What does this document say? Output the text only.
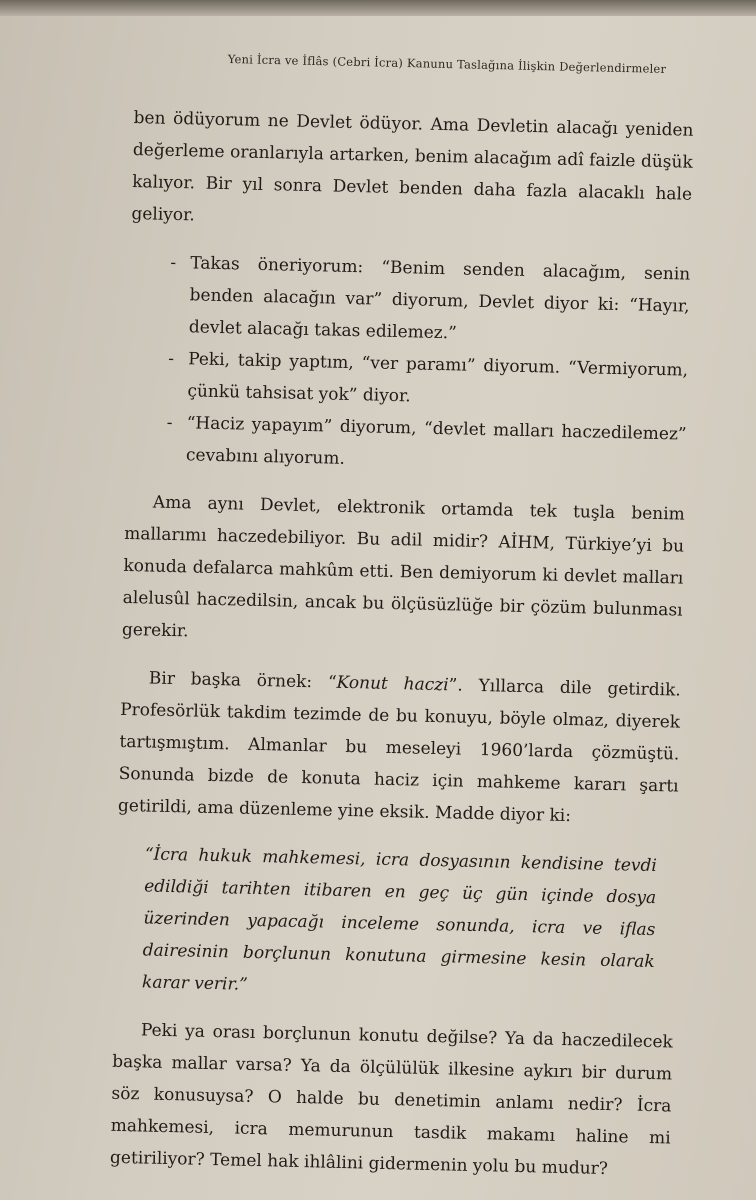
Yeni İcra ve İflâs (Cebri İcra) Kanunu Taslağına İlişkin Değerlendirmeler

ben ödüyorum ne Devlet ödüyor. Ama Devletin alacağı yeniden değerleme oranlarıyla artarken, benim alacağım adî faizle düşük kalıyor. Bir yıl sonra Devlet benden daha fazla alacaklı hale geliyor.

- Takas öneriyorum: “Benim senden alacağım, senin benden alacağın var” diyorum, Devlet diyor ki: “Hayır, devlet alacağı takas edilemez.”
- Peki, takip yaptım, “ver paramı” diyorum. “Vermiyorum, çünkü tahsisat yok” diyor.
- “Haciz yapayım” diyorum, “devlet malları haczedilemez” cevabını alıyorum.

Ama aynı Devlet, elektronik ortamda tek tuşla benim mallarımı haczedebiliyor. Bu adil midir? AİHM, Türkiye’yi bu konuda defalarca mahkûm etti. Ben demiyorum ki devlet malları alelusûl haczedilsin, ancak bu ölçüsüzlüğe bir çözüm bulunması gerekir.

Bir başka örnek: “Konut haczi”. Yıllarca dile getirdik. Profesörlük takdim tezimde de bu konuyu, böyle olmaz, diyerek tartışmıştım. Almanlar bu meseleyi 1960’larda çözmüştü. Sonunda bizde de konuta haciz için mahkeme kararı şartı getirildi, ama düzenleme yine eksik. Madde diyor ki:

“İcra hukuk mahkemesi, icra dosyasının kendisine tevdi edildiği tarihten itibaren en geç üç gün içinde dosya üzerinden yapacağı inceleme sonunda, icra ve iflas dairesinin borçlunun konutuna girmesine kesin olarak karar verir.”

Peki ya orası borçlunun konutu değilse? Ya da haczedilecek başka mallar varsa? Ya da ölçülülük ilkesine aykırı bir durum söz konusuysa? O halde bu denetimin anlamı nedir? İcra mahkemesi, icra memurunun tasdik makamı haline mi getiriliyor? Temel hak ihlâlini gidermenin yolu bu mudur?
